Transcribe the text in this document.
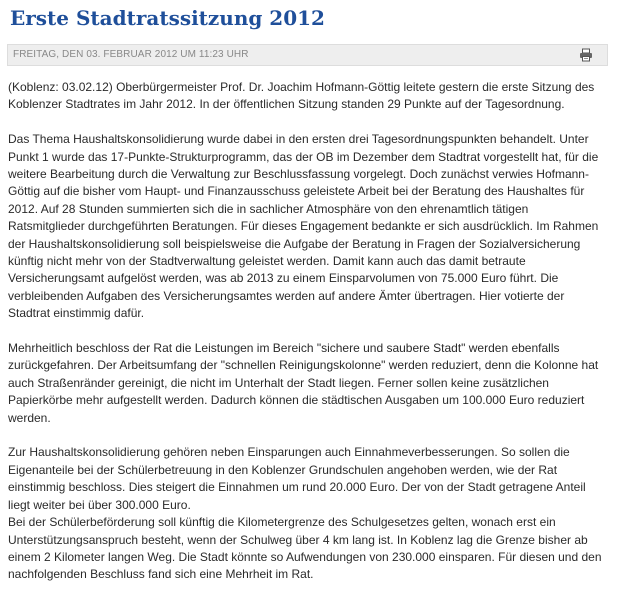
Erste Stadtratssitzung 2012
FREITAG, DEN 03. FEBRUAR 2012 UM 11:23 UHR

(Koblenz: 03.02.12) Oberbürgermeister Prof. Dr. Joachim Hofmann-Göttig leitete gestern die erste Sitzung des Koblenzer Stadtrates im Jahr 2012. In der öffentlichen Sitzung standen 29 Punkte auf der Tagesordnung.

Das Thema Haushaltskonsolidierung wurde dabei in den ersten drei Tagesordnungspunkten behandelt. Unter Punkt 1 wurde das 17-Punkte-Strukturprogramm, das der OB im Dezember dem Stadtrat vorgestellt hat, für die weitere Bearbeitung durch die Verwaltung zur Beschlussfassung vorgelegt. Doch zunächst verwies Hofmann-Göttig auf die bisher vom Haupt- und Finanzausschuss geleistete Arbeit bei der Beratung des Haushaltes für 2012. Auf 28 Stunden summierten sich die in sachlicher Atmosphäre von den ehrenamtlich tätigen Ratsmitglieder durchgeführten Beratungen. Für dieses Engagement bedankte er sich ausdrücklich. Im Rahmen der Haushaltskonsolidierung soll beispielsweise die Aufgabe der Beratung in Fragen der Sozialversicherung künftig nicht mehr von der Stadtverwaltung geleistet werden. Damit kann auch das damit betraute Versicherungsamt aufgelöst werden, was ab 2013 zu einem Einsparvolumen von 75.000 Euro führt. Die verbleibenden Aufgaben des Versicherungsamtes werden auf andere Ämter übertragen. Hier votierte der Stadtrat einstimmig dafür.

Mehrheitlich beschloss der Rat die Leistungen im Bereich "sichere und saubere Stadt" werden ebenfalls zurückgefahren. Der Arbeitsumfang der "schnellen Reinigungskolonne" werden reduziert, denn die Kolonne hat auch Straßenränder gereinigt, die nicht im Unterhalt der Stadt liegen. Ferner sollen keine zusätzlichen Papierkörbe mehr aufgestellt werden. Dadurch können die städtischen Ausgaben um 100.000 Euro reduziert werden.

Zur Haushaltskonsolidierung gehören neben Einsparungen auch Einnahmeverbesserungen. So sollen die Eigenanteile bei der Schülerbetreuung in den Koblenzer Grundschulen angehoben werden, wie der Rat einstimmig beschloss. Dies steigert die Einnahmen um rund 20.000 Euro. Der von der Stadt getragene Anteil liegt weiter bei über 300.000 Euro.

Bei der Schülerbeförderung soll künftig die Kilometergrenze des Schulgesetzes gelten, wonach erst ein Unterstützungsanspruch besteht, wenn der Schulweg über 4 km lang ist. In Koblenz lag die Grenze bisher ab einem 2 Kilometer langen Weg. Die Stadt könnte so Aufwendungen von 230.000 einsparen. Für diesen und den nachfolgenden Beschluss fand sich eine Mehrheit im Rat.
